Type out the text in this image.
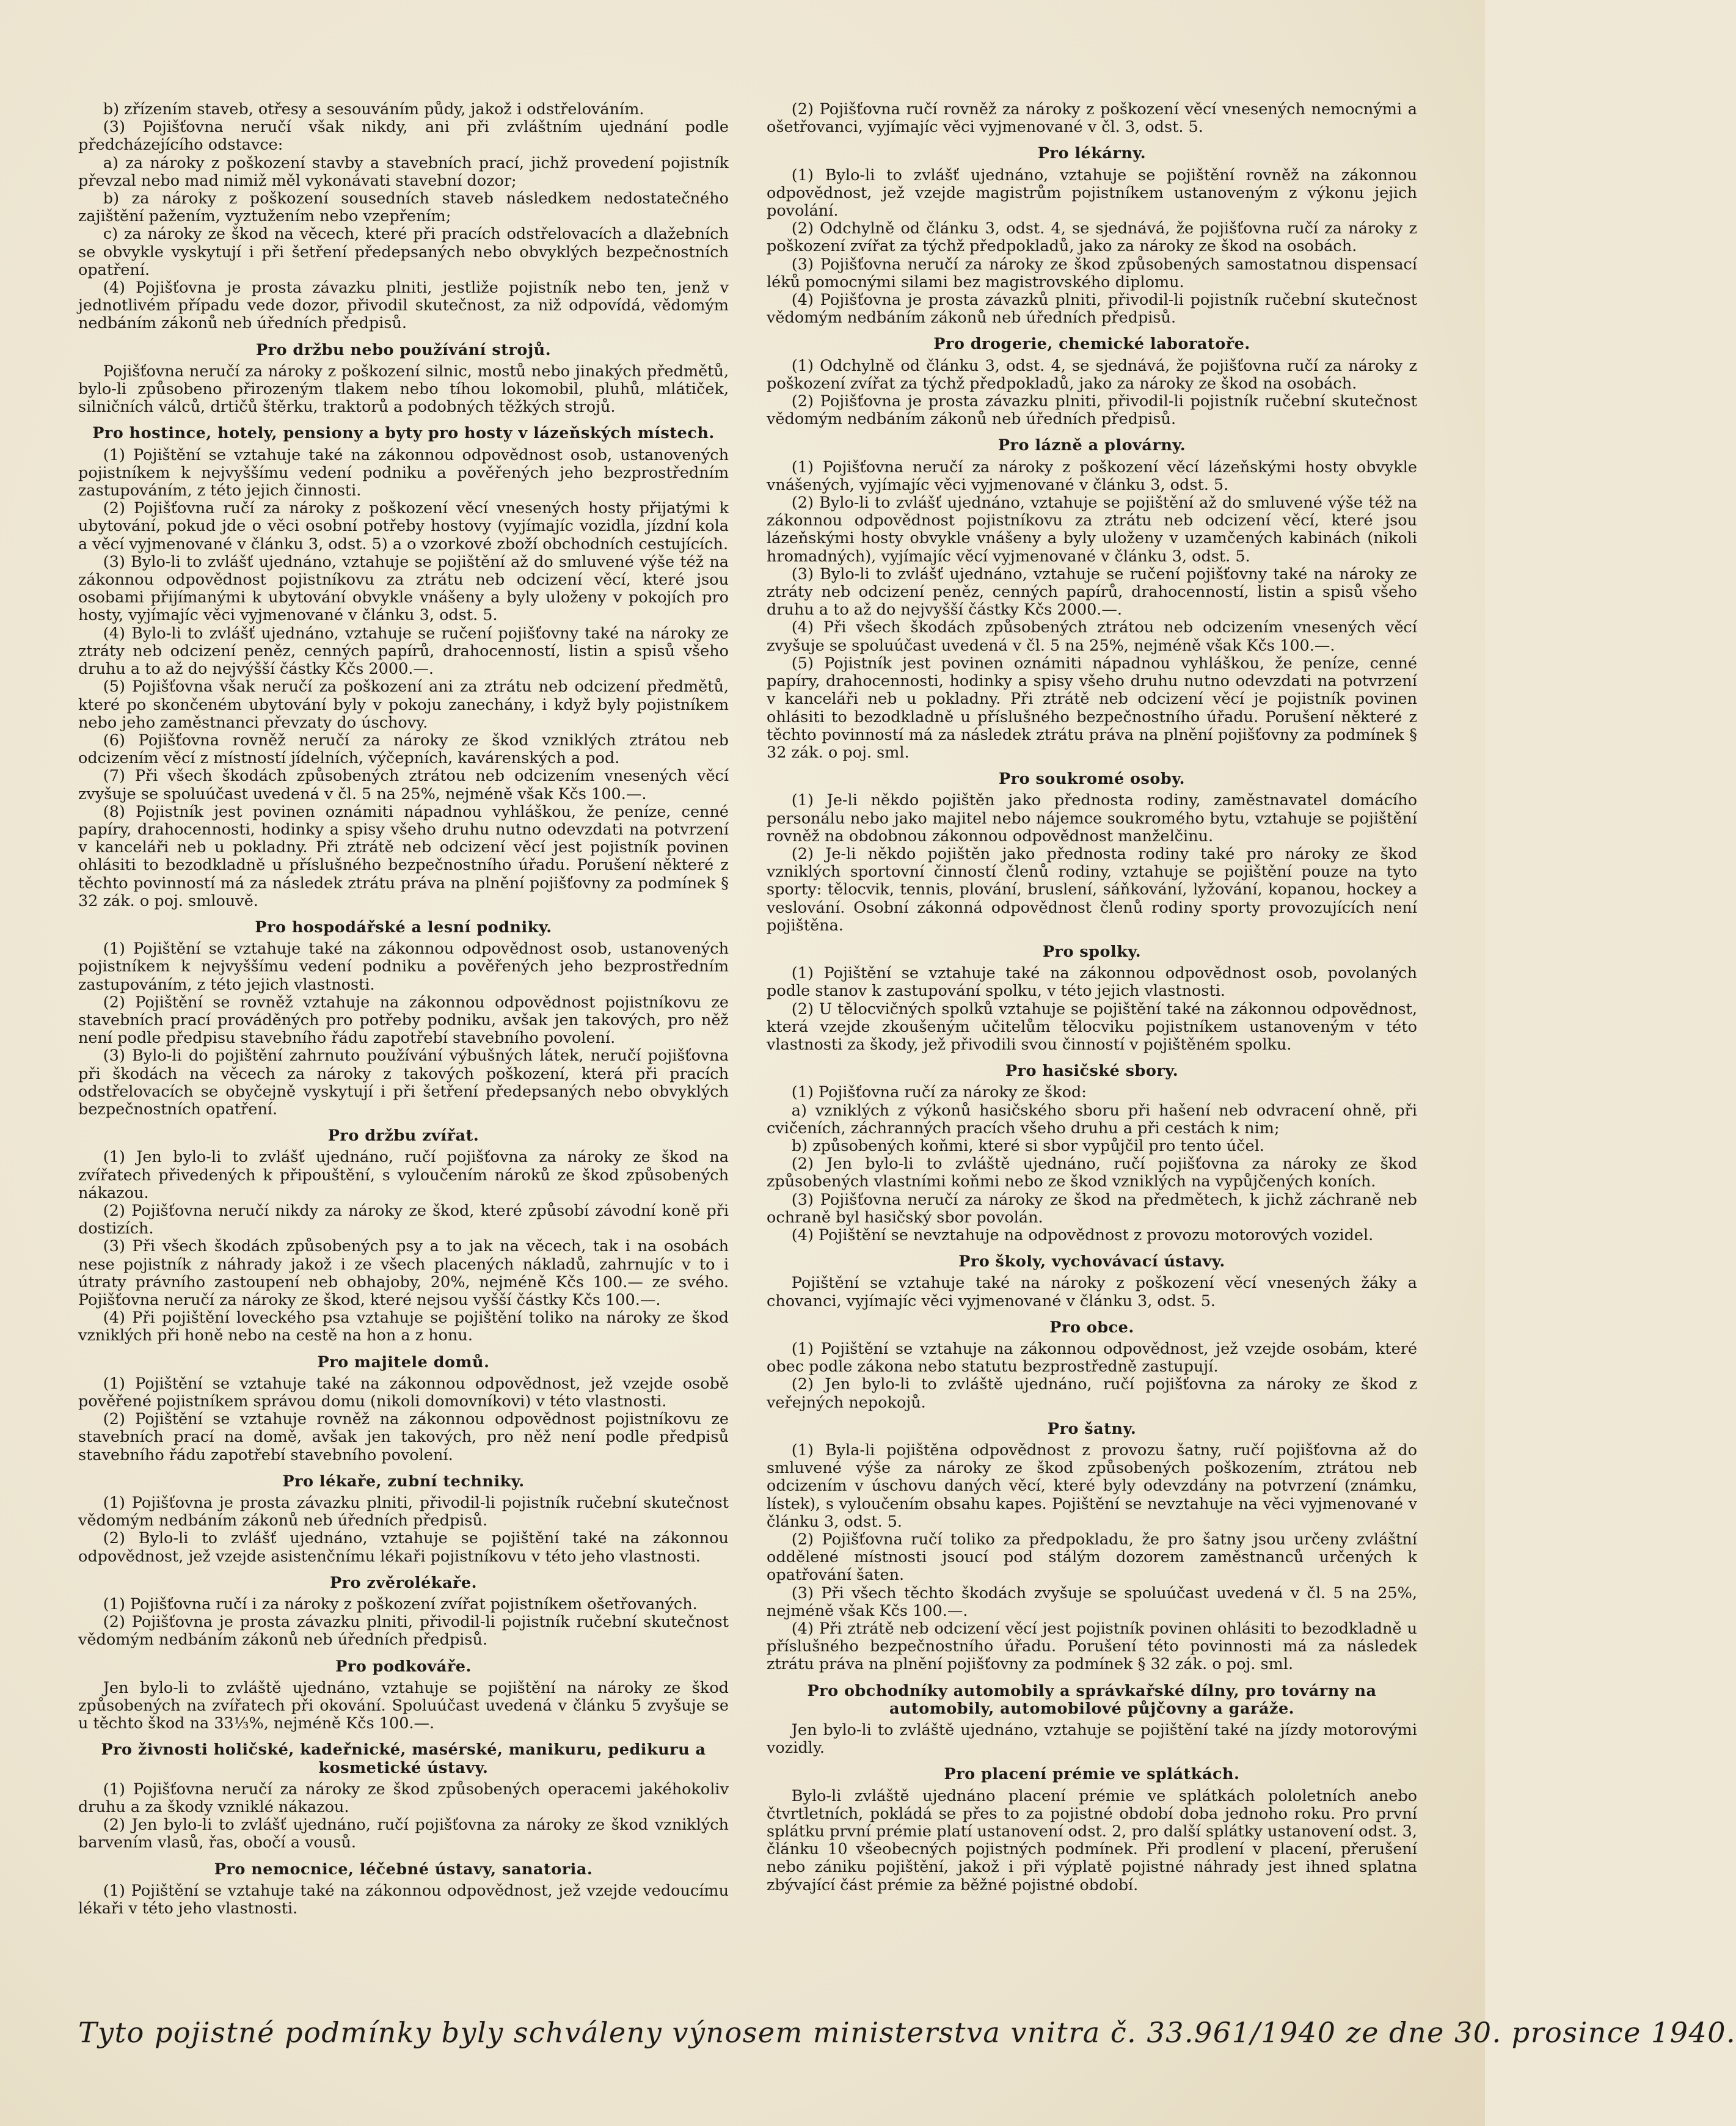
b) zřízením staveb, otřesy a sesouváním půdy, jakož i odstřelováním.

(3) Pojišťovna neručí však nikdy, ani při zvláštním ujednání podle předcházejícího odstavce:

a) za nároky z poškození stavby a stavebních prací, jichž provedení pojistník převzal nebo mad nimiž měl vykonávati stavební dozor;

b) za nároky z poškození sousedních staveb následkem nedostatečného zajištění pažením, vyztužením nebo vzepřením;

c) za nároky ze škod na věcech, které při pracích odstřelovacích a dlažebních se obvykle vyskytují i při šetření předepsaných nebo obvyklých bezpečnostních opatření.

(4) Pojišťovna je prosta závazku plniti, jestliže pojistník nebo ten, jenž v jednotlivém případu vede dozor, přivodil skutečnost, za niž odpovídá, vědomým nedbáním zákonů neb úředních předpisů.

Pro držbu nebo používání strojů.

Pojišťovna neručí za nároky z poškození silnic, mostů nebo jinakých předmětů, bylo-li způsobeno přirozeným tlakem nebo tíhou lokomobil, pluhů, mlátiček, silničních válců, drtičů štěrku, traktorů a podobných těžkých strojů.

Pro hostince, hotely, pensiony a byty pro hosty v lázeňských místech.

(1) Pojištění se vztahuje také na zákonnou odpovědnost osob, ustanovených pojistníkem k nejvyššímu vedení podniku a pověřených jeho bezprostředním zastupováním, z této jejich činnosti.

(2) Pojišťovna ručí za nároky z poškození věcí vnesených hosty přijatými k ubytování, pokud jde o věci osobní potřeby hostovy (vyjímajíc vozidla, jízdní kola a věcí vyjmenované v článku 3, odst. 5) a o vzorkové zboží obchodních cestujících.

(3) Bylo-li to zvlášť ujednáno, vztahuje se pojištění až do smluvené výše též na zákonnou odpovědnost pojistníkovu za ztrátu neb odcizení věcí, které jsou osobami přijímanými k ubytování obvykle vnášeny a byly uloženy v pokojích pro hosty, vyjímajíc věci vyjmenované v článku 3, odst. 5.

(4) Bylo-li to zvlášť ujednáno, vztahuje se ručení pojišťovny také na nároky ze ztráty neb odcizení peněz, cenných papírů, drahocenností, listin a spisů všeho druhu a to až do nejvýšší částky Kčs 2000.—.

(5) Pojišťovna však neručí za poškození ani za ztrátu neb odcizení předmětů, které po skončeném ubytování byly v pokoju zanechány, i když byly pojistníkem nebo jeho zaměstnanci převzaty do úschovy.

(6) Pojišťovna rovněž neručí za nároky ze škod vzniklých ztrátou neb odcizením věcí z místností jídelních, výčepních, kavárenských a pod.

(7) Při všech škodách způsobených ztrátou neb odcizením vnesených věcí zvyšuje se spoluúčast uvedená v čl. 5 na 25%, nejméně však Kčs 100.—.

(8) Pojistník jest povinen oznámiti nápadnou vyhláškou, že peníze, cenné papíry, drahocennosti, hodinky a spisy všeho druhu nutno odevzdati na potvrzení v kanceláři neb u pokladny. Při ztrátě neb odcizení věcí jest pojistník povinen ohlásiti to bezodkladně u příslušného bezpečnostního úřadu. Porušení některé z těchto povinností má za následek ztrátu práva na plnění pojišťovny za podmínek § 32 zák. o poj. smlouvě.

Pro hospodářské a lesní podniky.

(1) Pojištění se vztahuje také na zákonnou odpovědnost osob, ustanovených pojistníkem k nejvyššímu vedení podniku a pověřených jeho bezprostředním zastupováním, z této jejich vlastnosti.

(2) Pojištění se rovněž vztahuje na zákonnou odpovědnost pojistníkovu ze stavebních prací prováděných pro potřeby podniku, avšak jen takových, pro něž není podle předpisu stavebního řádu zapotřebí stavebního povolení.

(3) Bylo-li do pojištění zahrnuto používání výbušných látek, neručí pojišťovna při škodách na věcech za nároky z takových poškození, která při pracích odstřelovacích se obyčejně vyskytují i při šetření předepsaných nebo obvyklých bezpečnostních opatření.

Pro držbu zvířat.

(1) Jen bylo-li to zvlášť ujednáno, ručí pojišťovna za nároky ze škod na zvířatech přivedených k připouštění, s vyloučením nároků ze škod způsobených nákazou.

(2) Pojišťovna neručí nikdy za nároky ze škod, které způsobí závodní koně při dostizích.

(3) Při všech škodách způsobených psy a to jak na věcech, tak i na osobách nese pojistník z náhrady jakož i ze všech placených nákladů, zahrnujíc v to i útraty právního zastoupení neb obhajoby, 20%, nejméně Kčs 100.— ze svého. Pojišťovna neručí za nároky ze škod, které nejsou vyšší částky Kčs 100.—.

(4) Při pojištění loveckého psa vztahuje se pojištění toliko na nároky ze škod vzniklých při honě nebo na cestě na hon a z honu.

Pro majitele domů.

(1) Pojištění se vztahuje také na zákonnou odpovědnost, jež vzejde osobě pověřené pojistníkem správou domu (nikoli domovníkovi) v této vlastnosti.

(2) Pojištění se vztahuje rovněž na zákonnou odpovědnost pojistníkovu ze stavebních prací na domě, avšak jen takových, pro něž není podle předpisů stavebního řádu zapotřebí stavebního povolení.

Pro lékaře, zubní techniky.

(1) Pojišťovna je prosta závazku plniti, přivodil-li pojistník ručební skutečnost vědomým nedbáním zákonů neb úředních předpisů.

(2) Bylo-li to zvlášť ujednáno, vztahuje se pojištění také na zákonnou odpovědnost, jež vzejde asistenčnímu lékaři pojistníkovu v této jeho vlastnosti.

Pro zvěrolékaře.

(1) Pojišťovna ručí i za nároky z poškození zvířat pojistníkem ošetřovaných.

(2) Pojišťovna je prosta závazku plniti, přivodil-li pojistník ručební skutečnost vědomým nedbáním zákonů neb úředních předpisů.

Pro podkováře.

Jen bylo-li to zvláště ujednáno, vztahuje se pojištění na nároky ze škod způsobených na zvířatech při okování. Spoluúčast uvedená v článku 5 zvyšuje se u těchto škod na 33⅓%, nejméně Kčs 100.—.

Pro živnosti holičské, kadeřnické, masérské, manikuru, pedikuru a kosmetické ústavy.

(1) Pojišťovna neručí za nároky ze škod způsobených operacemi jakéhokoliv druhu a za škody vzniklé nákazou.

(2) Jen bylo-li to zvlášť ujednáno, ručí pojišťovna za nároky ze škod vzniklých barvením vlasů, řas, obočí a vousů.

Pro nemocnice, léčebné ústavy, sanatoria.

(1) Pojištění se vztahuje také na zákonnou odpovědnost, jež vzejde vedoucímu lékaři v této jeho vlastnosti.

(2) Pojišťovna ručí rovněž za nároky z poškození věcí vnesených nemocnými a ošetřovanci, vyjímajíc věci vyjmenované v čl. 3, odst. 5.

Pro lékárny.

(1) Bylo-li to zvlášť ujednáno, vztahuje se pojištění rovněž na zákonnou odpovědnost, jež vzejde magistrům pojistníkem ustanoveným z výkonu jejich povolání.

(2) Odchylně od článku 3, odst. 4, se sjednává, že pojišťovna ručí za nároky z poškození zvířat za týchž předpokladů, jako za nároky ze škod na osobách.

(3) Pojišťovna neručí za nároky ze škod způsobených samostatnou dispensací léků pomocnými silami bez magistrovského diplomu.

(4) Pojišťovna je prosta závazků plniti, přivodil-li pojistník ručební skutečnost vědomým nedbáním zákonů neb úředních předpisů.

Pro drogerie, chemické laboratoře.

(1) Odchylně od článku 3, odst. 4, se sjednává, že pojišťovna ručí za nároky z poškození zvířat za týchž předpokladů, jako za nároky ze škod na osobách.

(2) Pojišťovna je prosta závazku plniti, přivodil-li pojistník ručební skutečnost vědomým nedbáním zákonů neb úředních předpisů.

Pro lázně a plovárny.

(1) Pojišťovna neručí za nároky z poškození věcí lázeňskými hosty obvykle vnášených, vyjímajíc věci vyjmenované v článku 3, odst. 5.

(2) Bylo-li to zvlášť ujednáno, vztahuje se pojištění až do smluvené výše též na zákonnou odpovědnost pojistníkovu za ztrátu neb odcizení věcí, které jsou lázeňskými hosty obvykle vnášeny a byly uloženy v uzamčených kabinách (nikoli hromadných), vyjímajíc věcí vyjmenované v článku 3, odst. 5.

(3) Bylo-li to zvlášť ujednáno, vztahuje se ručení pojišťovny také na nároky ze ztráty neb odcizení peněz, cenných papírů, drahocenností, listin a spisů všeho druhu a to až do nejvyšší částky Kčs 2000.—.

(4) Při všech škodách způsobených ztrátou neb odcizením vnesených věcí zvyšuje se spoluúčast uvedená v čl. 5 na 25%, nejméně však Kčs 100.—.

(5) Pojistník jest povinen oznámiti nápadnou vyhláškou, že peníze, cenné papíry, drahocennosti, hodinky a spisy všeho druhu nutno odevzdati na potvrzení v kanceláři neb u pokladny. Při ztrátě neb odcizení věcí je pojistník povinen ohlásiti to bezodkladně u příslušného bezpečnostního úřadu. Porušení některé z těchto povinností má za následek ztrátu práva na plnění pojišťovny za podmínek § 32 zák. o poj. sml.

Pro soukromé osoby.

(1) Je-li někdo pojištěn jako přednosta rodiny, zaměstnavatel domácího personálu nebo jako majitel nebo nájemce soukromého bytu, vztahuje se pojištění rovněž na obdobnou zákonnou odpovědnost manželčinu.

(2) Je-li někdo pojištěn jako přednosta rodiny také pro nároky ze škod vzniklých sportovní činností členů rodiny, vztahuje se pojištění pouze na tyto sporty: tělocvik, tennis, plování, bruslení, sáňkování, lyžování, kopanou, hockey a veslování. Osobní zákonná odpovědnost členů rodiny sporty provozujících není pojištěna.

Pro spolky.

(1) Pojištění se vztahuje také na zákonnou odpovědnost osob, povolaných podle stanov k zastupování spolku, v této jejich vlastnosti.

(2) U tělocvičných spolků vztahuje se pojištění také na zákonnou odpovědnost, která vzejde zkoušeným učitelům tělocviku pojistníkem ustanoveným v této vlastnosti za škody, jež přivodili svou činností v pojištěném spolku.

Pro hasičské sbory.

(1) Pojišťovna ručí za nároky ze škod:

a) vzniklých z výkonů hasičského sboru při hašení neb odvracení ohně, při cvičeních, záchranných pracích všeho druhu a při cestách k nim;

b) způsobených koňmi, které si sbor vypůjčil pro tento účel.

(2) Jen bylo-li to zvláště ujednáno, ručí pojišťovna za nároky ze škod způsobených vlastními koňmi nebo ze škod vzniklých na vypůjčených koních.

(3) Pojišťovna neručí za nároky ze škod na předmětech, k jichž záchraně neb ochraně byl hasičský sbor povolán.

(4) Pojištění se nevztahuje na odpovědnost z provozu motorových vozidel.

Pro školy, vychovávací ústavy.

Pojištění se vztahuje také na nároky z poškození věcí vnesených žáky a chovanci, vyjímajíc věci vyjmenované v článku 3, odst. 5.

Pro obce.

(1) Pojištění se vztahuje na zákonnou odpovědnost, jež vzejde osobám, které obec podle zákona nebo statutu bezprostředně zastupují.

(2) Jen bylo-li to zvláště ujednáno, ručí pojišťovna za nároky ze škod z veřejných nepokojů.

Pro šatny.

(1) Byla-li pojištěna odpovědnost z provozu šatny, ručí pojišťovna až do smluvené výše za nároky ze škod způsobených poškozením, ztrátou neb odcizením v úschovu daných věcí, které byly odevzdány na potvrzení (známku, lístek), s vyloučením obsahu kapes. Pojištění se nevztahuje na věci vyjmenované v článku 3, odst. 5.

(2) Pojišťovna ručí toliko za předpokladu, že pro šatny jsou určeny zvláštní oddělené místnosti jsoucí pod stálým dozorem zaměstnanců určených k opatřování šaten.

(3) Při všech těchto škodách zvyšuje se spoluúčast uvedená v čl. 5 na 25%, nejméně však Kčs 100.—.

(4) Při ztrátě neb odcizení věcí jest pojistník povinen ohlásiti to bezodkladně u příslušného bezpečnostního úřadu. Porušení této povinnosti má za následek ztrátu práva na plnění pojišťovny za podmínek § 32 zák. o poj. sml.

Pro obchodníky automobily a správkařské dílny, pro továrny na automobily, automobilové půjčovny a garáže.

Jen bylo-li to zvláště ujednáno, vztahuje se pojištění také na jízdy motorovými vozidly.

Pro placení prémie ve splátkách.

Bylo-li zvláště ujednáno placení prémie ve splátkách pololetních anebo čtvrtletních, pokládá se přes to za pojistné období doba jednoho roku. Pro první splátku první prémie platí ustanovení odst. 2, pro další splátky ustanovení odst. 3, článku 10 všeobecných pojistných podmínek. Při prodlení v placení, přerušení nebo zániku pojištění, jakož i při výplatě pojistné náhrady jest ihned splatna zbývající část prémie za běžné pojistné období.

Tyto pojistné podmínky byly schváleny výnosem ministerstva vnitra č. 33.961/1940 ze dne 30. prosince 1940.
